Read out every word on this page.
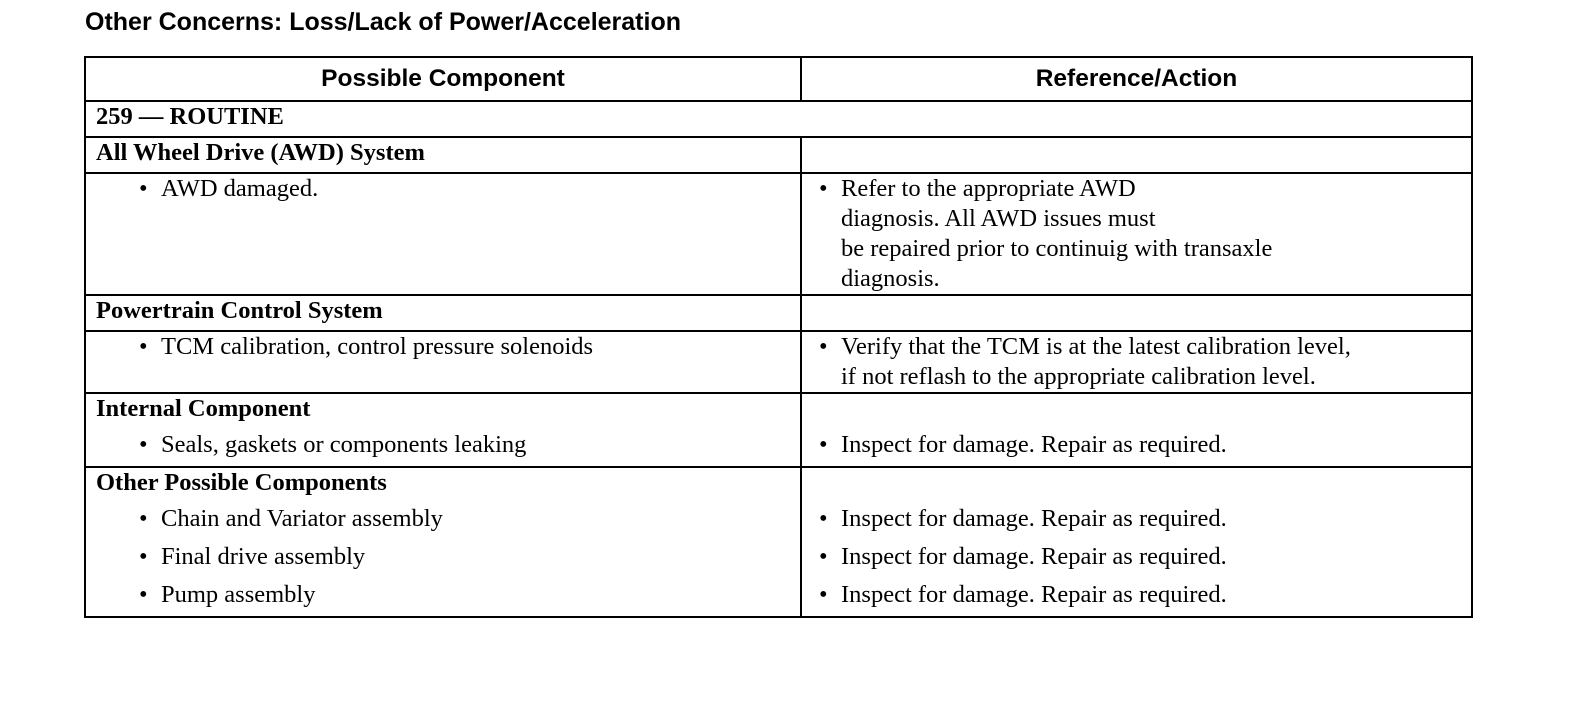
Other Concerns: Loss/Lack of Power/Acceleration
Possible Component	Reference/Action
259 — ROUTINE	
All Wheel Drive (AWD) System	

• AWD damaged.	• Refer to the appropriate AWD
diagnosis. All AWD issues must
be repaired prior to continuig with transaxle
diagnosis.

Powertrain Control System	

• TCM calibration, control pressure solenoids	• Verify that the TCM is at the latest calibration level,
if not reflash to the appropriate calibration level.

Internal Component	

• Seals, gaskets or components leaking	• Inspect for damage. Repair as required.

Other Possible Components	

• Chain and Variator assembly	• Inspect for damage. Repair as required.

• Final drive assembly	• Inspect for damage. Repair as required.

• Pump assembly	• Inspect for damage. Repair as required.
